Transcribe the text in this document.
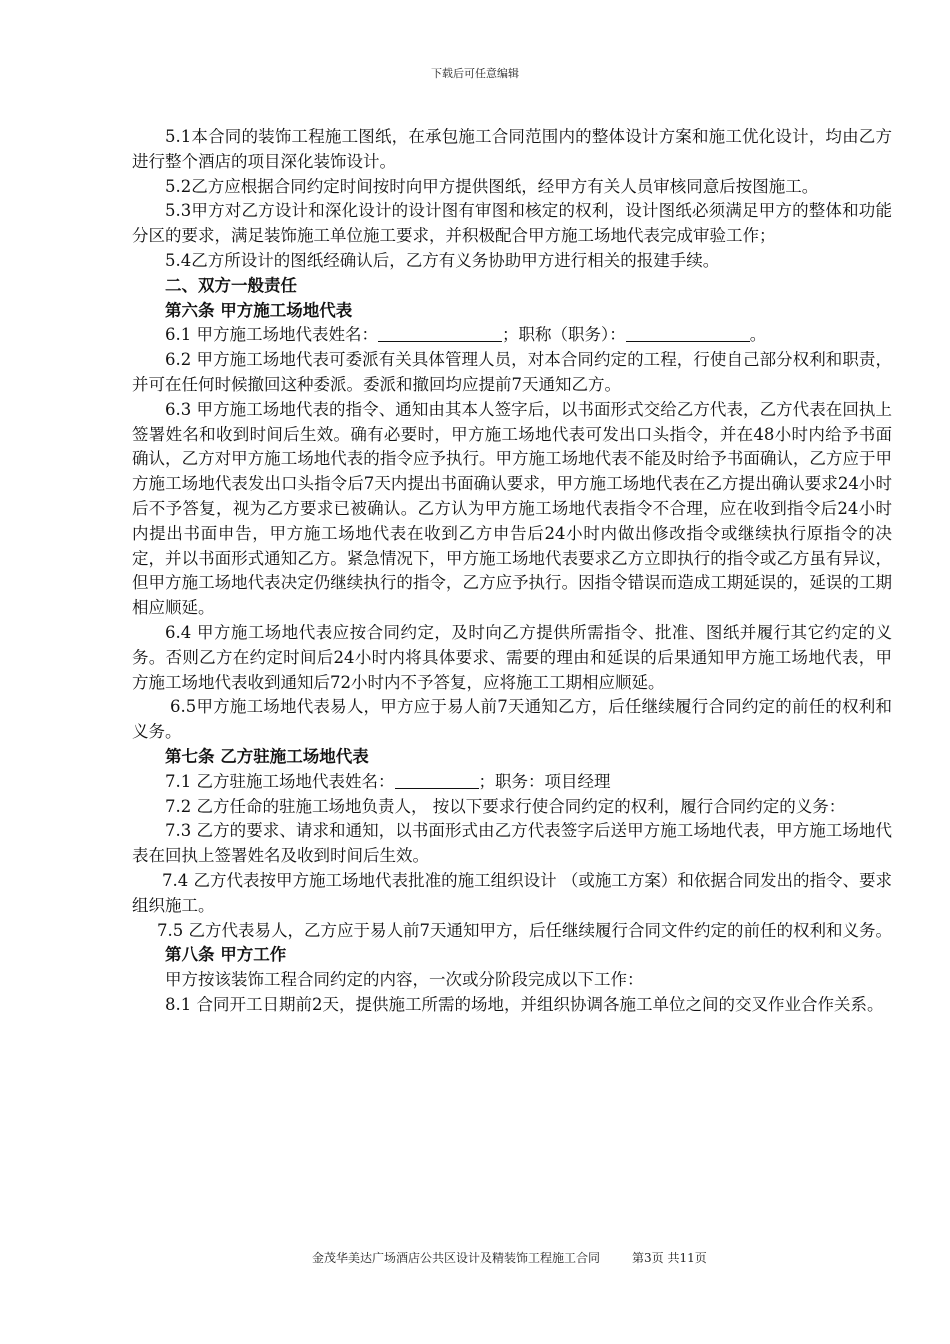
下载后可任意编辑

5.1本合同的装饰工程施工图纸，在承包施工合同范围内的整体设计方案和施工优化设计，均由乙方进行整个酒店的项目深化装饰设计。

5.2乙方应根据合同约定时间按时向甲方提供图纸，经甲方有关人员审核同意后按图施工。

5.3甲方对乙方设计和深化设计的设计图有审图和核定的权利，设计图纸必须满足甲方的整体和功能分区的要求，满足装饰施工单位施工要求，并积极配合甲方施工场地代表完成审验工作；

5.4乙方所设计的图纸经确认后，乙方有义务协助甲方进行相关的报建手续。

二、双方一般责任

第六条 甲方施工场地代表

6.1 甲方施工场地代表姓名：	；职称（职务）：	。

6.2 甲方施工场地代表可委派有关具体管理人员，对本合同约定的工程，行使自己部分权利和职责，并可在任何时候撤回这种委派。委派和撤回均应提前7天通知乙方。

6.3 甲方施工场地代表的指令、通知由其本人签字后，以书面形式交给乙方代表，乙方代表在回执上签署姓名和收到时间后生效。确有必要时，甲方施工场地代表可发出口头指令，并在48小时内给予书面确认，乙方对甲方施工场地代表的指令应予执行。甲方施工场地代表不能及时给予书面确认，乙方应于甲方施工场地代表发出口头指令后7天内提出书面确认要求，甲方施工场地代表在乙方提出确认要求24小时后不予答复，视为乙方要求已被确认。乙方认为甲方施工场地代表指令不合理，应在收到指令后24小时内提出书面申告，甲方施工场地代表在收到乙方申告后24小时内做出修改指令或继续执行原指令的决定，并以书面形式通知乙方。紧急情况下，甲方施工场地代表要求乙方立即执行的指令或乙方虽有异议，但甲方施工场地代表决定仍继续执行的指令，乙方应予执行。因指令错误而造成工期延误的，延误的工期相应顺延。

6.4 甲方施工场地代表应按合同约定，及时向乙方提供所需指令、批准、图纸并履行其它约定的义务。否则乙方在约定时间后24小时内将具体要求、需要的理由和延误的后果通知甲方施工场地代表，甲方施工场地代表收到通知后72小时内不予答复，应将施工工期相应顺延。

6.5甲方施工场地代表易人，甲方应于易人前7天通知乙方，后任继续履行合同约定的前任的权利和义务。

第七条 乙方驻施工场地代表

7.1 乙方驻施工场地代表姓名：	；职务：项目经理

7.2 乙方任命的驻施工场地负责人， 按以下要求行使合同约定的权利，履行合同约定的义务：

7.3 乙方的要求、请求和通知，以书面形式由乙方代表签字后送甲方施工场地代表，甲方施工场地代表在回执上签署姓名及收到时间后生效。

7.4 乙方代表按甲方施工场地代表批准的施工组织设计 （或施工方案）和依据合同发出的指令、要求组织施工。

7.5 乙方代表易人，乙方应于易人前7天通知甲方，后任继续履行合同文件约定的前任的权利和义务。

第八条 甲方工作

甲方按该装饰工程合同约定的内容，一次或分阶段完成以下工作：

8.1 合同开工日期前2天，提供施工所需的场地，并组织协调各施工单位之间的交叉作业合作关系。

金茂华美达广场酒店公共区设计及精装饰工程施工合同	第3页 共11页
